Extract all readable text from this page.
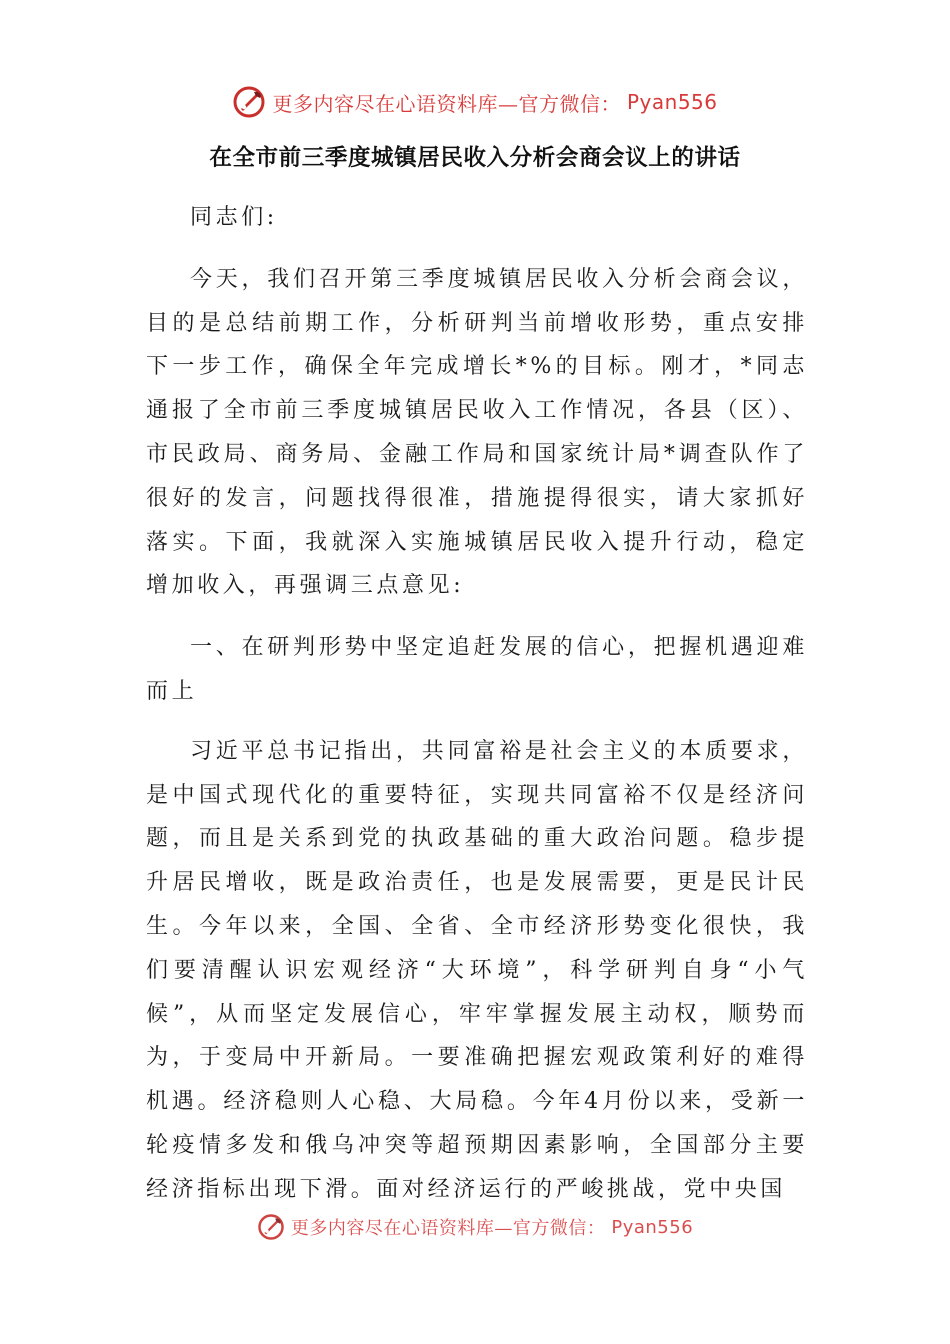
更多内容尽在心语资料库—官方微信： Pyan556
在全市前三季度城镇居民收入分析会商会议上的讲话

同志们:

今天，我们召开第三季度城镇居民收入分析会商会议，目的是总结前期工作，分析研判当前增收形势，重点安排下一步工作，确保全年完成增长*%的目标。刚才，*同志通报了全市前三季度城镇居民收入工作情况，各县（区）、市民政局、商务局、金融工作局和国家统计局*调查队作了很好的发言，问题找得很准，措施提得很实，请大家抓好落实。下面，我就深入实施城镇居民收入提升行动，稳定增加收入，再强调三点意见:

一、在研判形势中坚定追赶发展的信心，把握机遇迎难而上

习近平总书记指出，共同富裕是社会主义的本质要求，是中国式现代化的重要特征，实现共同富裕不仅是经济问题，而且是关系到党的执政基础的重大政治问题。稳步提升居民增收，既是政治责任，也是发展需要，更是民计民生。今年以来，全国、全省、全市经济形势变化很快，我们要清醒认识宏观经济“大环境”，科学研判自身“小气候”，从而坚定发展信心，牢牢掌握发展主动权，顺势而为，于变局中开新局。一要准确把握宏观政策利好的难得机遇。经济稳则人心稳、大局稳。今年4月份以来，受新一轮疫情多发和俄乌冲突等超预期因素影响，全国部分主要经济指标出现下滑。面对经济运行的严峻挑战，党中央国

更多内容尽在心语资料库—官方微信： Pyan556
